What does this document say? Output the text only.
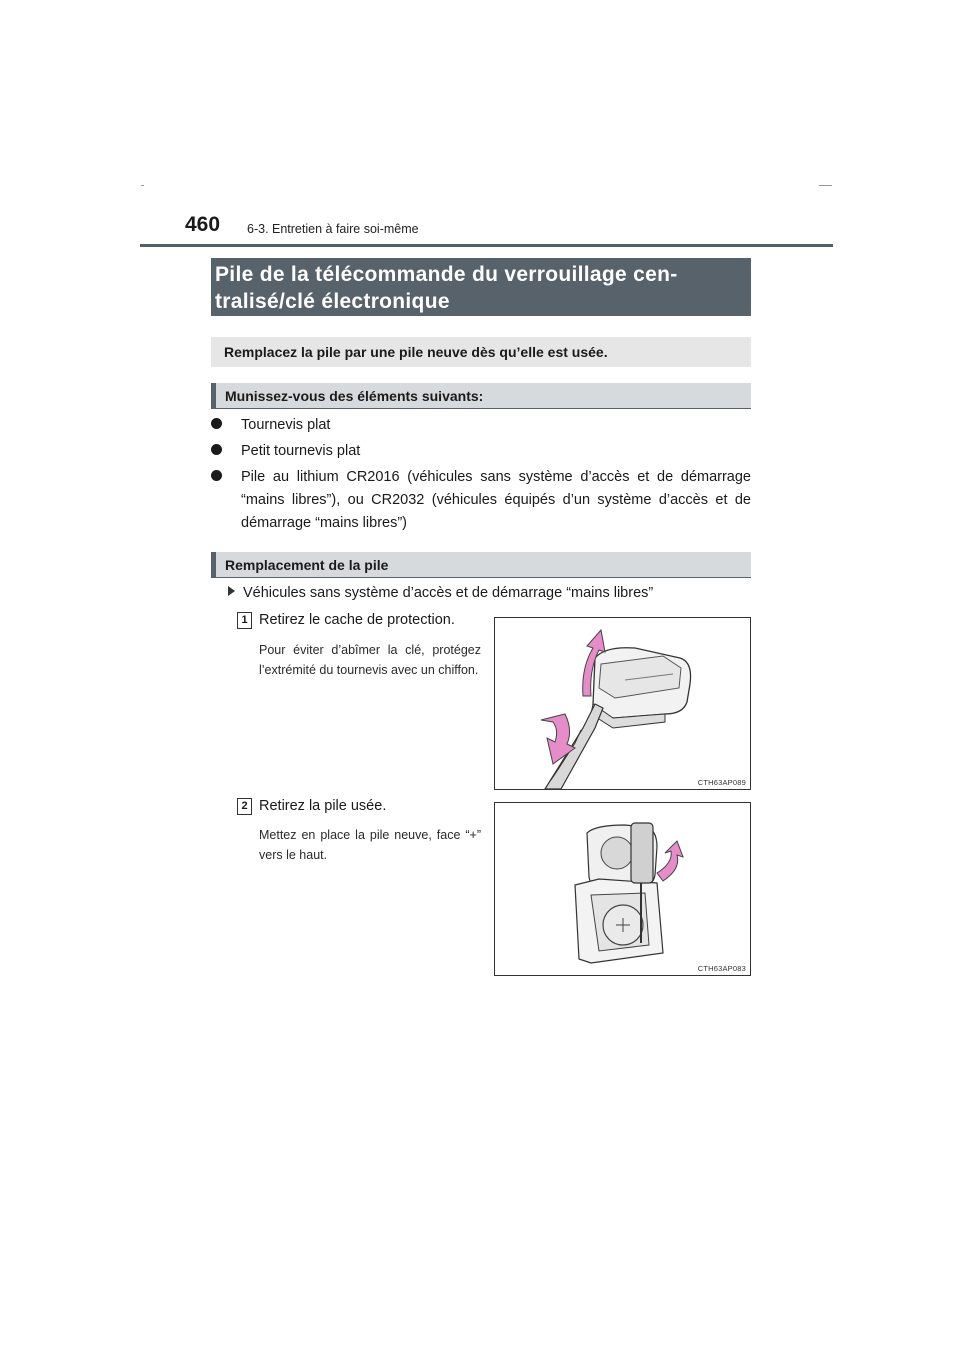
460 6-3. Entretien à faire soi-même
Pile de la télécommande du verrouillage cen-
tralisé/clé électronique
Remplacez la pile par une pile neuve dès qu’elle est usée.
Munissez-vous des éléments suivants:
Tournevis plat
Petit tournevis plat
Pile au lithium CR2016 (véhicules sans système d’accès et de démarrage “mains libres”), ou CR2032 (véhicules équipés d’un système d’accès et de démarrage “mains libres”)
Remplacement de la pile
Véhicules sans système d’accès et de démarrage “mains libres”
1 Retirez le cache de protection.
Pour éviter d’abîmer la clé, protégez l’extrémité du tournevis avec un chiffon.
CTH63AP089
2 Retirez la pile usée.
Mettez en place la pile neuve, face “+” vers le haut.
CTH63AP083
